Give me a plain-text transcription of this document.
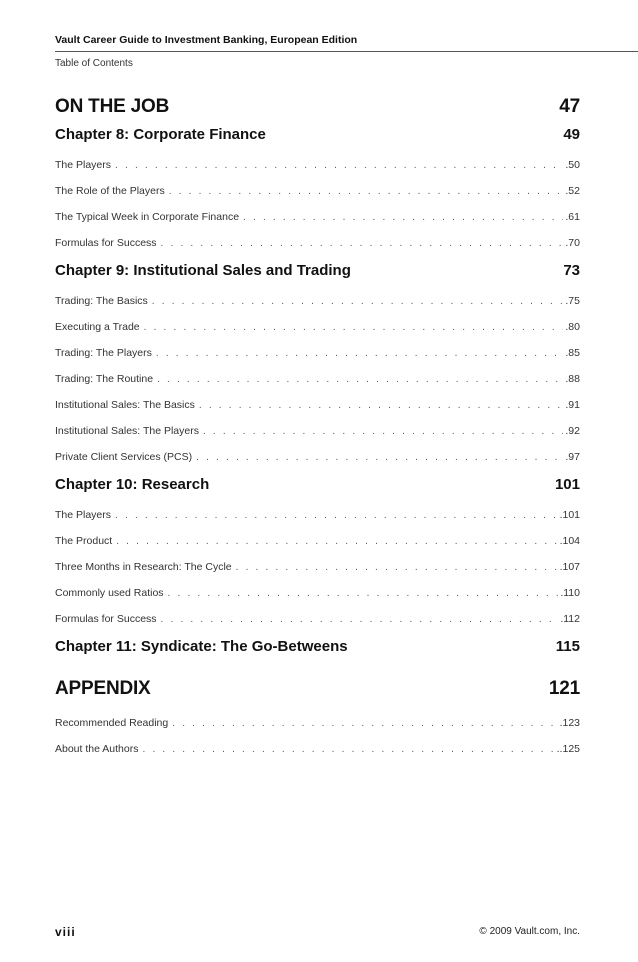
Vault Career Guide to Investment Banking, European Edition
Table of Contents
ON THE JOB	47
Chapter 8: Corporate Finance	49
The Players . . .	.50
The Role of the Players . . .	.52
The Typical Week in Corporate Finance . . .	.61
Formulas for Success . . .	.70
Chapter 9: Institutional Sales and Trading	73
Trading: The Basics . . .	.75
Executing a Trade . . .	.80
Trading: The Players . . .	.85
Trading: The Routine . . .	.88
Institutional Sales: The Basics . . .	.91
Institutional Sales: The Players . . .	.92
Private Client Services (PCS) . . .	.97
Chapter 10: Research	101
The Players . . .	.101
The Product . . .	.104
Three Months in Research: The Cycle . . .	.107
Commonly used Ratios . . .	.110
Formulas for Success . . .	.112
Chapter 11: Syndicate: The Go-Betweens	115
APPENDIX	121
Recommended Reading . . .	.123
About the Authors . . .	..125
viii	© 2009 Vault.com, Inc.
